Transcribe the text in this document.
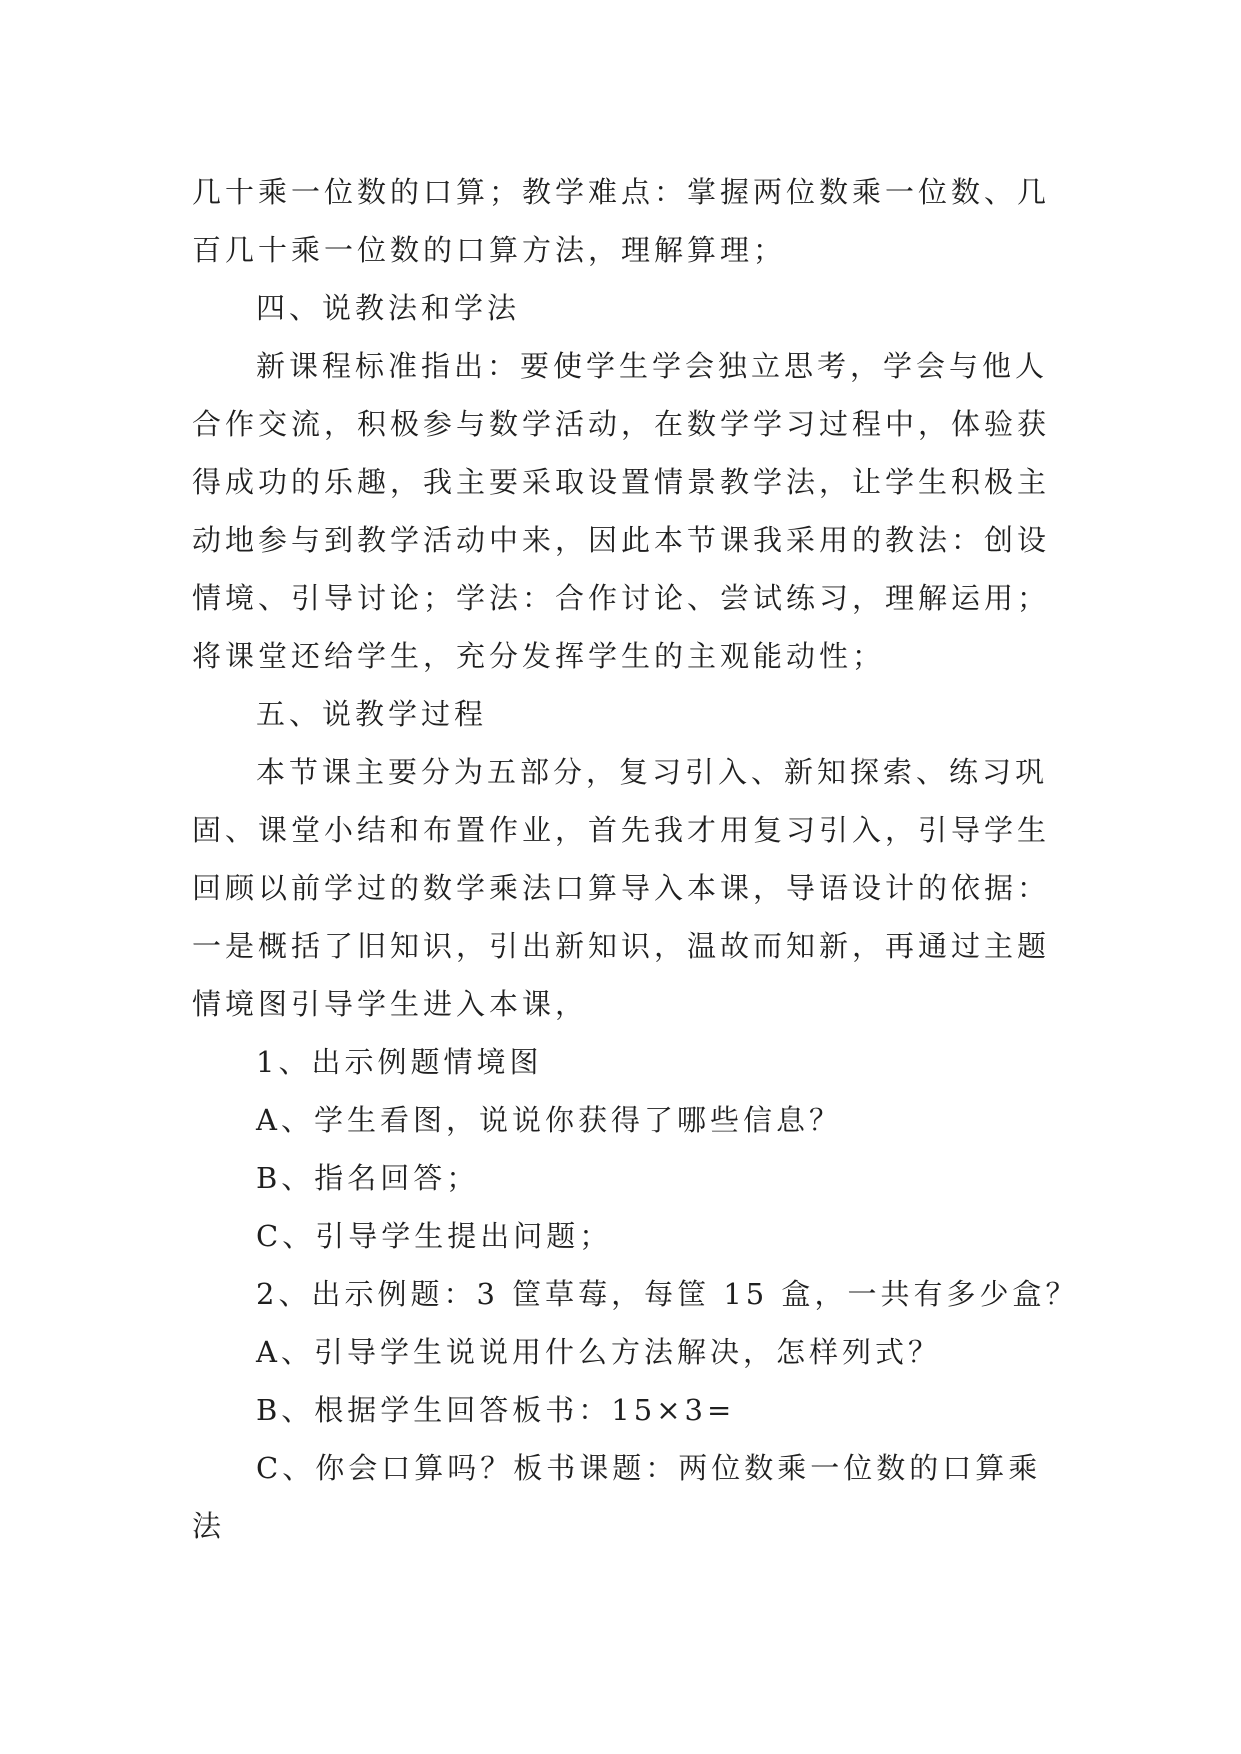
几十乘一位数的口算；教学难点：掌握两位数乘一位数、几
百几十乘一位数的口算方法，理解算理；
四、说教法和学法
新课程标准指出：要使学生学会独立思考，学会与他人
合作交流，积极参与数学活动，在数学学习过程中，体验获
得成功的乐趣，我主要采取设置情景教学法，让学生积极主
动地参与到教学活动中来，因此本节课我采用的教法：创设
情境、引导讨论；学法：合作讨论、尝试练习，理解运用；
将课堂还给学生，充分发挥学生的主观能动性；
五、说教学过程
本节课主要分为五部分，复习引入、新知探索、练习巩
固、课堂小结和布置作业，首先我才用复习引入，引导学生
回顾以前学过的数学乘法口算导入本课，导语设计的依据：
一是概括了旧知识，引出新知识，温故而知新，再通过主题
情境图引导学生进入本课，
1、出示例题情境图
A、学生看图，说说你获得了哪些信息？
B、指名回答；
C、引导学生提出问题；
2、出示例题：3 筐草莓，每筐 15 盒，一共有多少盒？
A、引导学生说说用什么方法解决，怎样列式？
B、根据学生回答板书：15×3=
C、你会口算吗？板书课题：两位数乘一位数的口算乘
法
